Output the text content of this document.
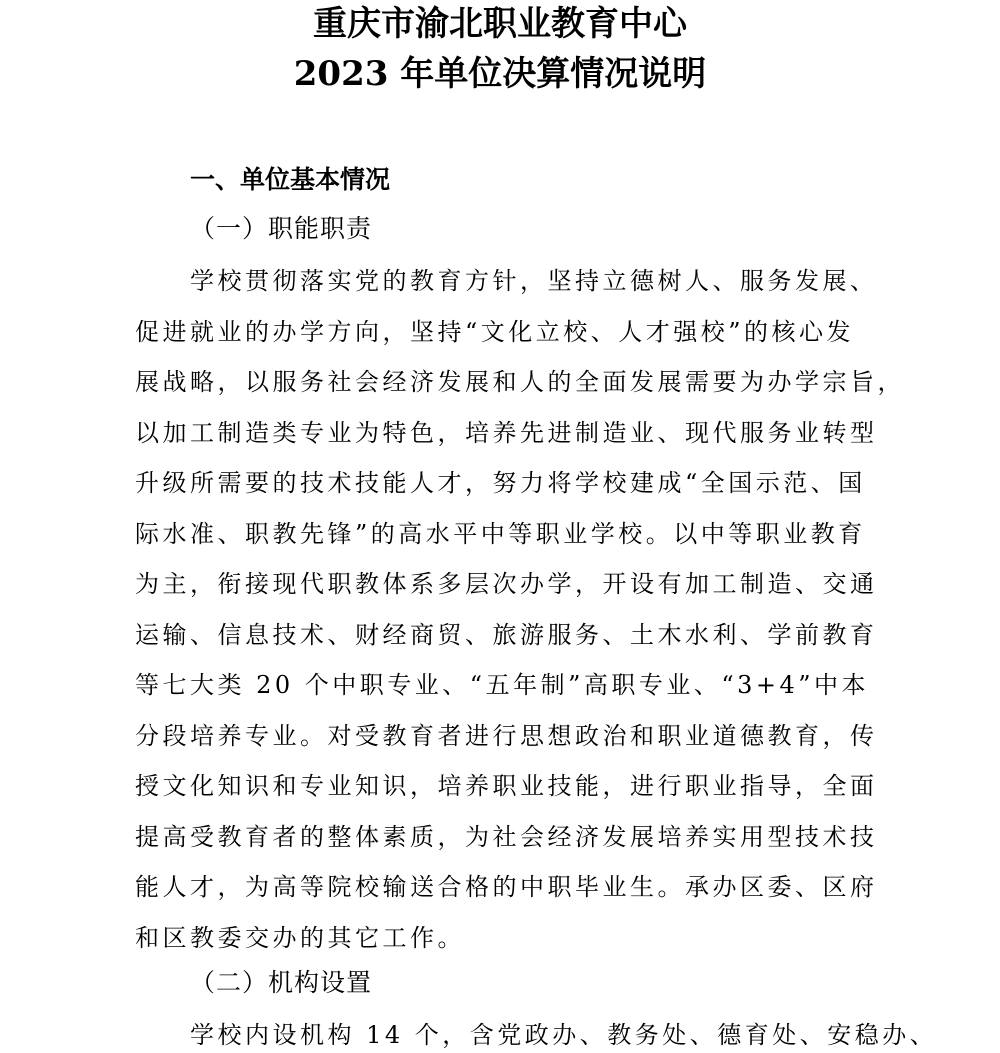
重庆市渝北职业教育中心
2023 年单位决算情况说明
一、单位基本情况
（一）职能职责
学校贯彻落实党的教育方针，坚持立德树人、服务发展、
促进就业的办学方向，坚持“文化立校、人才强校”的核心发
展战略，以服务社会经济发展和人的全面发展需要为办学宗旨，
以加工制造类专业为特色，培养先进制造业、现代服务业转型
升级所需要的技术技能人才，努力将学校建成“全国示范、国
际水准、职教先锋”的高水平中等职业学校。以中等职业教育
为主，衔接现代职教体系多层次办学，开设有加工制造、交通
运输、信息技术、财经商贸、旅游服务、土木水利、学前教育
等七大类 20 个中职专业、“五年制”高职专业、“3+4”中本
分段培养专业。对受教育者进行思想政治和职业道德教育，传
授文化知识和专业知识，培养职业技能，进行职业指导，全面
提高受教育者的整体素质，为社会经济发展培养实用型技术技
能人才，为高等院校输送合格的中职毕业生。承办区委、区府
和区教委交办的其它工作。
（二）机构设置
学校内设机构 14 个，含党政办、教务处、德育处、安稳办、
